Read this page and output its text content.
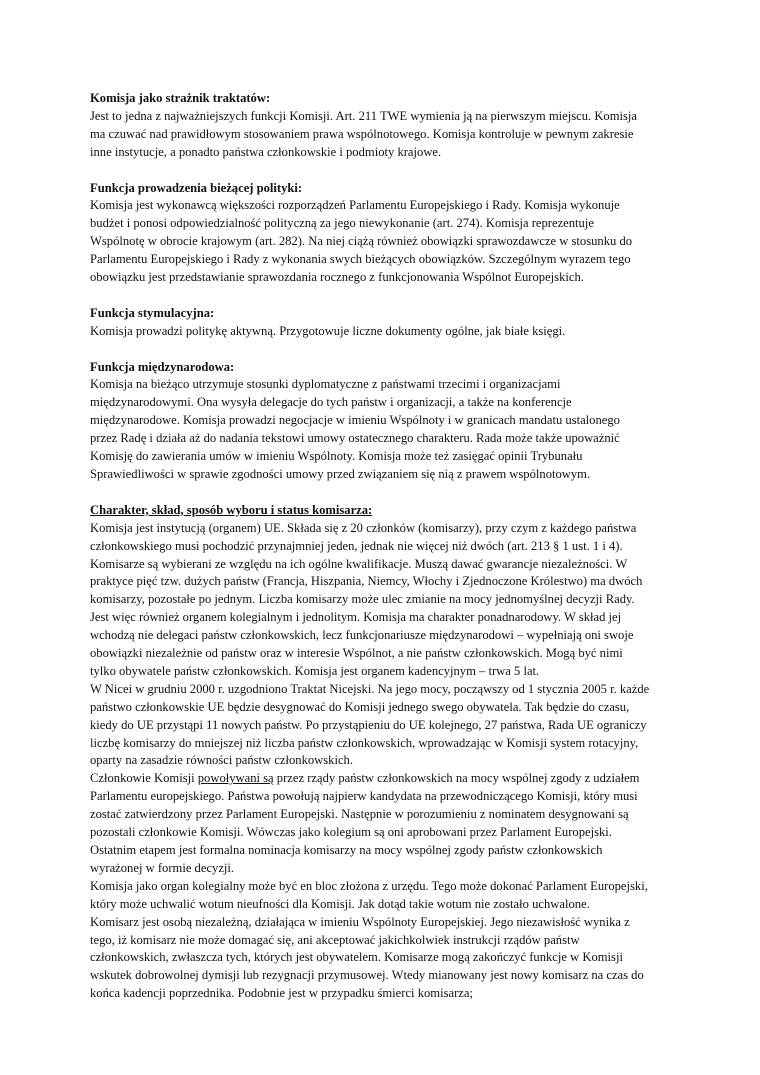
Komisja jako strażnik traktatów:
Jest to jedna z najważniejszych funkcji Komisji. Art. 211 TWE wymienia ją na pierwszym miejscu. Komisja ma czuwać nad prawidłowym stosowaniem prawa wspólnotowego. Komisja kontroluje w pewnym zakresie inne instytucje, a ponadto państwa członkowskie i podmioty krajowe.
Funkcja prowadzenia bieżącej polityki:
Komisja jest wykonawcą większości rozporządzeń Parlamentu Europejskiego i Rady. Komisja wykonuje budżet i ponosi odpowiedzialność polityczną za jego niewykonanie (art. 274). Komisja reprezentuje Wspólnotę w obrocie krajowym (art. 282). Na niej ciążą również obowiązki sprawozdawcze w stosunku do Parlamentu Europejskiego i Rady z wykonania swych bieżących obowiązków. Szczególnym wyrazem tego obowiązku jest przedstawianie sprawozdania rocznego z funkcjonowania Wspólnot Europejskich.
Funkcja stymulacyjna:
Komisja prowadzi politykę aktywną. Przygotowuje liczne dokumenty ogólne, jak białe księgi.
Funkcja międzynarodowa:
Komisja na bieżąco utrzymuje stosunki dyplomatyczne z państwami trzecimi i organizacjami międzynarodowymi. Ona wysyła delegacje do tych państw i organizacji, a także na konferencje międzynarodowe. Komisja prowadzi negocjacje w imieniu Wspólnoty i w granicach mandatu ustalonego przez Radę i działa aż do nadania tekstowi umowy ostatecznego charakteru. Rada może także upoważnić Komisję do zawierania umów w imieniu Wspólnoty. Komisja może też zasięgać opinii Trybunału Sprawiedliwości w sprawie zgodności umowy przed związaniem się nią z prawem wspólnotowym.
Charakter, skład, sposób wyboru i status komisarza:
Komisja jest instytucją (organem) UE. Składa się z 20 członków (komisarzy), przy czym z każdego państwa członkowskiego musi pochodzić przynajmniej jeden, jednak nie więcej niż dwóch (art. 213 § 1 ust. 1 i 4). Komisarze są wybierani ze względu na ich ogólne kwalifikacje. Muszą dawać gwarancje niezależności. W praktyce pięć tzw. dużych państw (Francja, Hiszpania, Niemcy, Włochy i Zjednoczone Królestwo) ma dwóch komisarzy, pozostałe po jednym. Liczba komisarzy może ulec zmianie na mocy jednomyślnej decyzji Rady. Jest więc również organem kolegialnym i jednolitym. Komisja ma charakter ponadnarodowy. W skład jej wchodzą nie delegaci państw członkowskich, lecz funkcjonariusze międzynarodowi – wypełniają oni swoje obowiązki niezależnie od państw oraz w interesie Wspólnot, a nie państw członkowskich. Mogą być nimi tylko obywatele państw członkowskich. Komisja jest organem kadencyjnym – trwa 5 lat.
W Nicei w grudniu 2000 r. uzgodniono Traktat Nicejski. Na jego mocy, począwszy od 1 stycznia 2005 r. każde państwo członkowskie UE będzie desygnować do Komisji jednego swego obywatela. Tak będzie do czasu, kiedy do UE przystąpi 11 nowych państw. Po przystąpieniu do UE kolejnego, 27 państwa, Rada UE ograniczy liczbę komisarzy do mniejszej niż liczba państw członkowskich, wprowadzając w Komisji system rotacyjny, oparty na zasadzie równości państw członkowskich.
Członkowie Komisji powoływani są przez rządy państw członkowskich na mocy wspólnej zgody z udziałem Parlamentu europejskiego. Państwa powołują najpierw kandydata na przewodniczącego Komisji, który musi zostać zatwierdzony przez Parlament Europejski. Następnie w porozumieniu z nominatem desygnowani są pozostali członkowie Komisji. Wówczas jako kolegium są oni aprobowani przez Parlament Europejski. Ostatnim etapem jest formalna nominacja komisarzy na mocy wspólnej zgody państw członkowskich wyrażonej w formie decyzji.
Komisja jako organ kolegialny może być en bloc złożona z urzędu. Tego może dokonać Parlament Europejski, który może uchwalić wotum nieufności dla Komisji. Jak dotąd takie wotum nie zostało uchwalone.
Komisarz jest osobą niezależną, działająca w imieniu Wspólnoty Europejskiej. Jego niezawisłość wynika z tego, iż komisarz nie może domagać się, ani akceptować jakichkolwiek instrukcji rządów państw członkowskich, zwłaszcza tych, których jest obywatelem. Komisarze mogą zakończyć funkcje w Komisji wskutek dobrowolnej dymisji lub rezygnacji przymusowej. Wtedy mianowany jest nowy komisarz na czas do końca kadencji poprzednika. Podobnie jest w przypadku śmierci komisarza;
